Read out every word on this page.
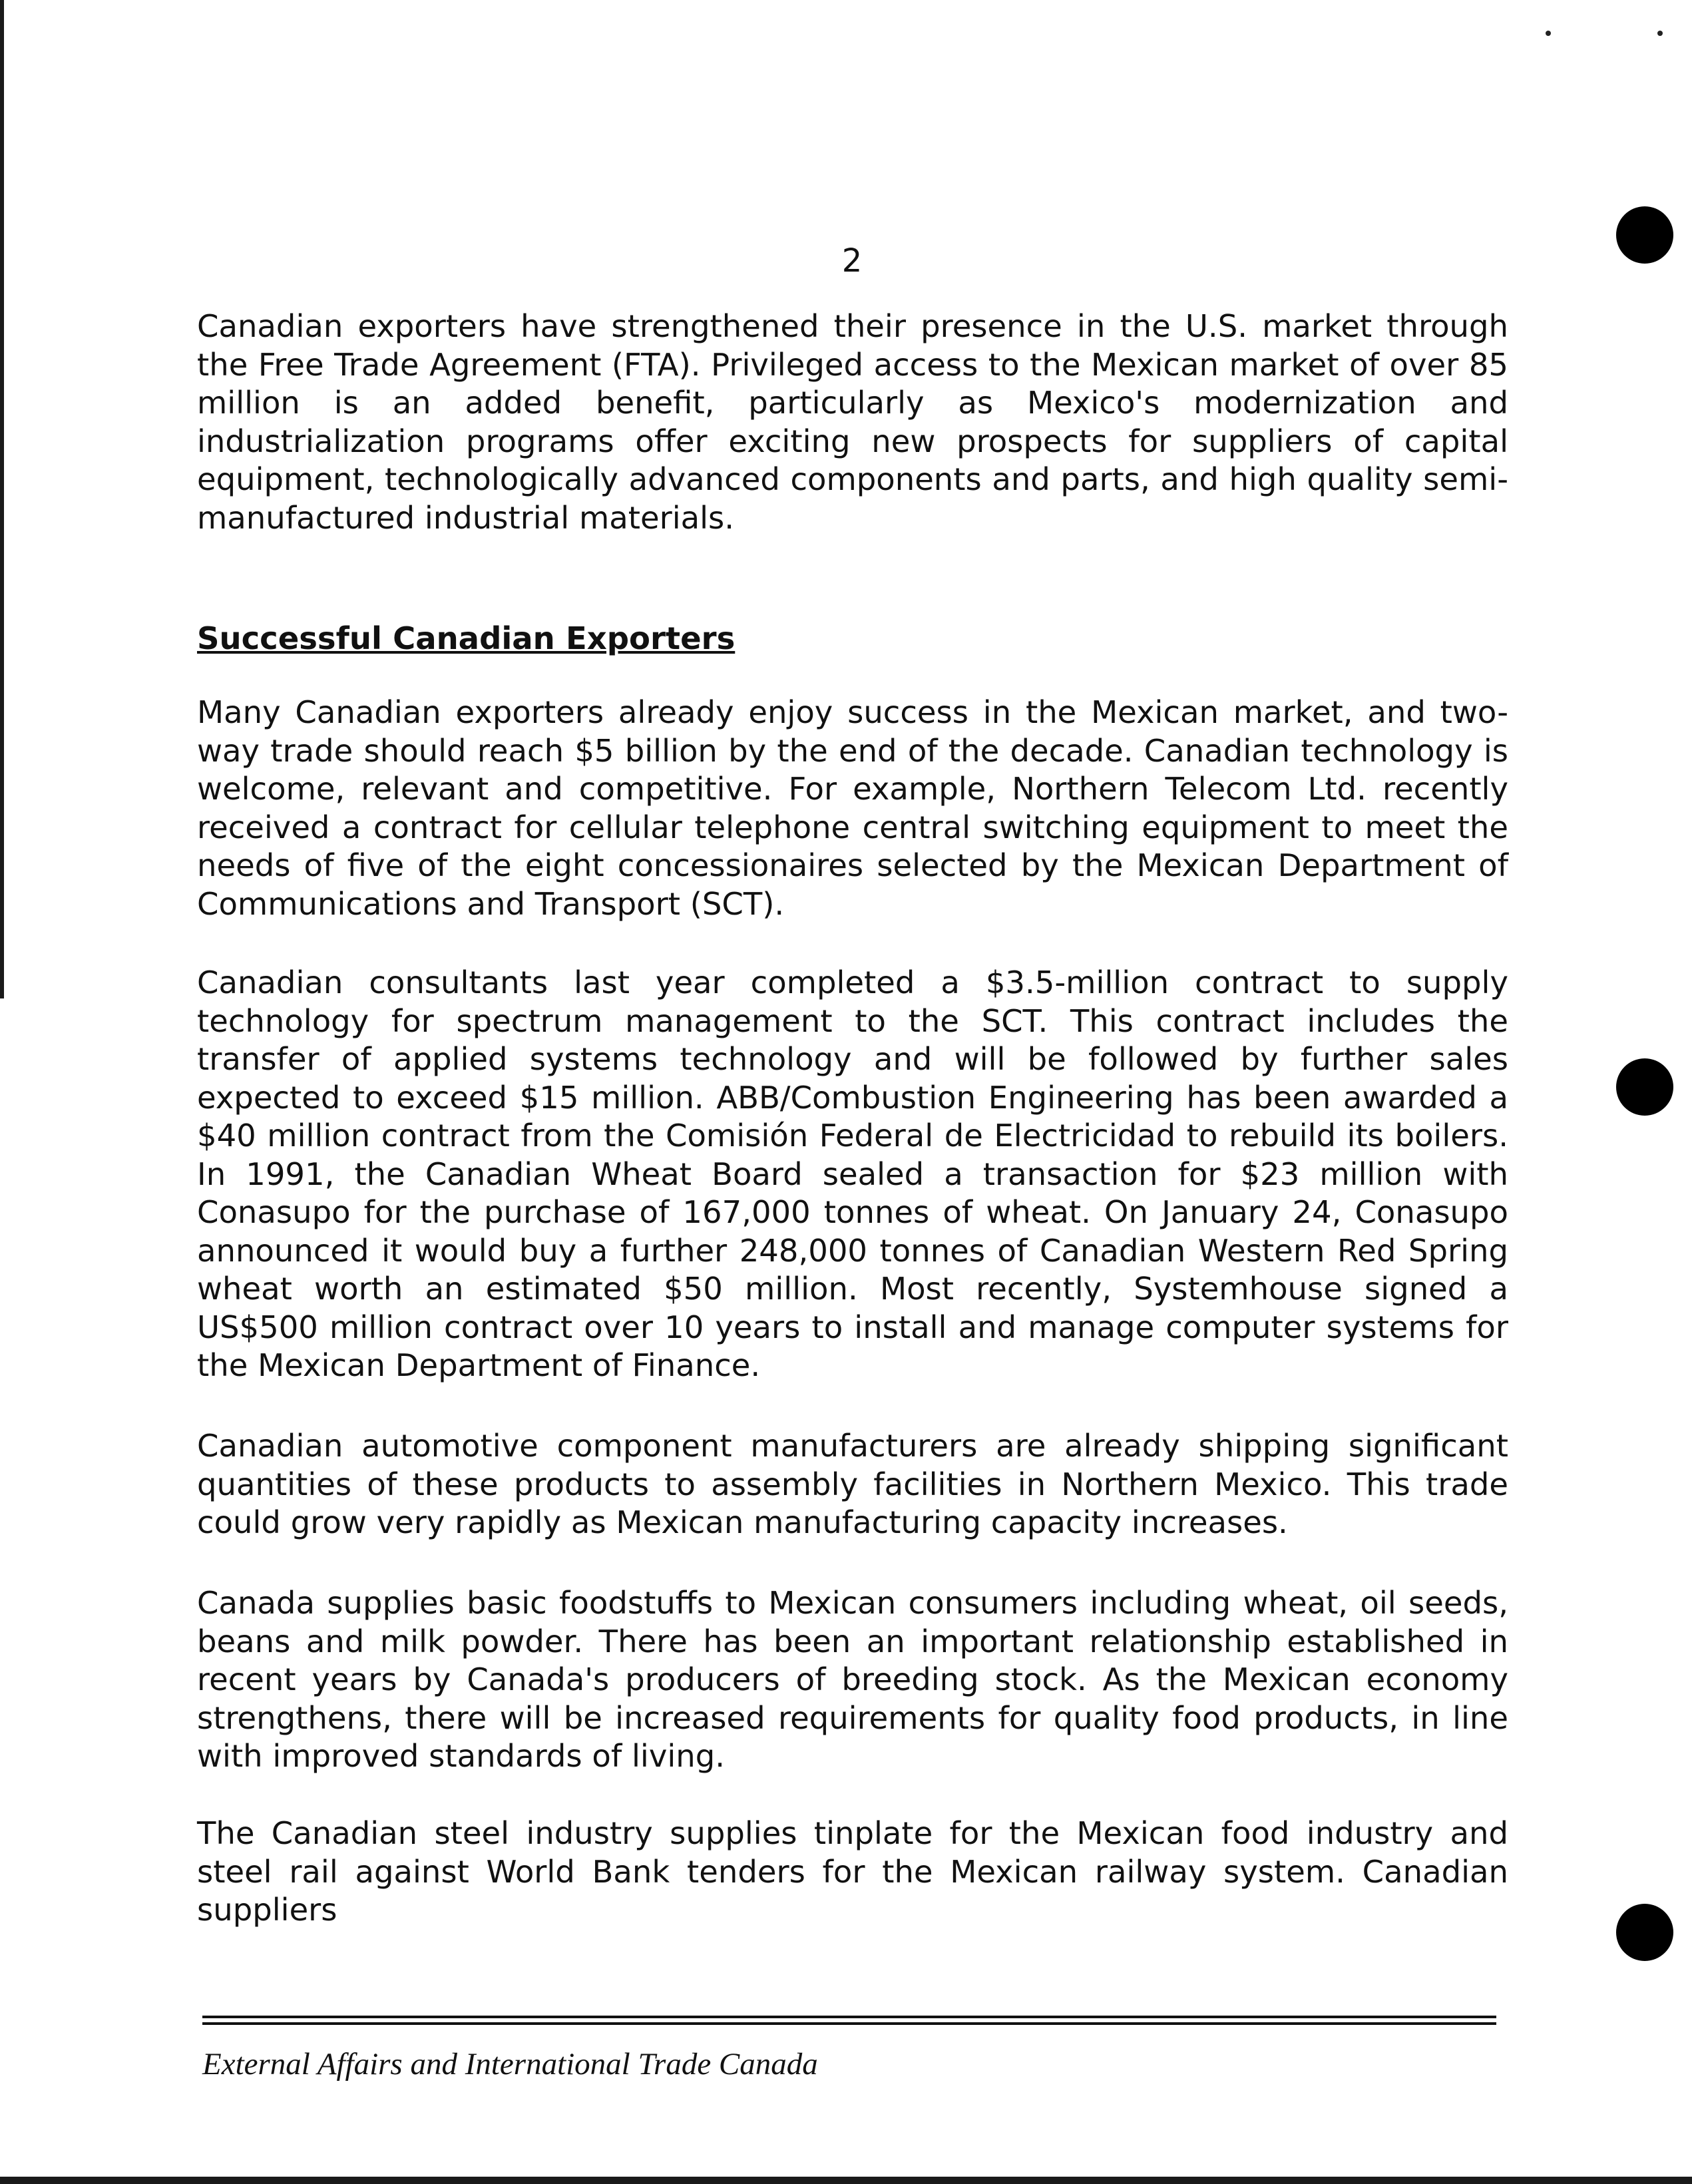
2

Canadian exporters have strengthened their presence in the U.S. market through the Free Trade Agreement (FTA). Privileged access to the Mexican market of over 85 million is an added benefit, particularly as Mexico's modernization and industrialization programs offer exciting new prospects for suppliers of capital equipment, technologically advanced components and parts, and high quality semi-manufactured industrial materials.

Successful Canadian Exporters

Many Canadian exporters already enjoy success in the Mexican market, and two-way trade should reach $5 billion by the end of the decade. Canadian technology is welcome, relevant and competitive. For example, Northern Telecom Ltd. recently received a contract for cellular telephone central switching equipment to meet the needs of five of the eight concessionaires selected by the Mexican Department of Communications and Transport (SCT).

Canadian consultants last year completed a $3.5-million contract to supply technology for spectrum management to the SCT. This contract includes the transfer of applied systems technology and will be followed by further sales expected to exceed $15 million. ABB/Combustion Engineering has been awarded a $40 million contract from the Comisión Federal de Electricidad to rebuild its boilers. In 1991, the Canadian Wheat Board sealed a transaction for $23 million with Conasupo for the purchase of 167,000 tonnes of wheat. On January 24, Conasupo announced it would buy a further 248,000 tonnes of Canadian Western Red Spring wheat worth an estimated $50 million. Most recently, Systemhouse signed a US$500 million contract over 10 years to install and manage computer systems for the Mexican Department of Finance.

Canadian automotive component manufacturers are already shipping significant quantities of these products to assembly facilities in Northern Mexico. This trade could grow very rapidly as Mexican manufacturing capacity increases.

Canada supplies basic foodstuffs to Mexican consumers including wheat, oil seeds, beans and milk powder. There has been an important relationship established in recent years by Canada's producers of breeding stock. As the Mexican economy strengthens, there will be increased requirements for quality food products, in line with improved standards of living.

The Canadian steel industry supplies tinplate for the Mexican food industry and steel rail against World Bank tenders for the Mexican railway system. Canadian suppliers

External Affairs and International Trade Canada
